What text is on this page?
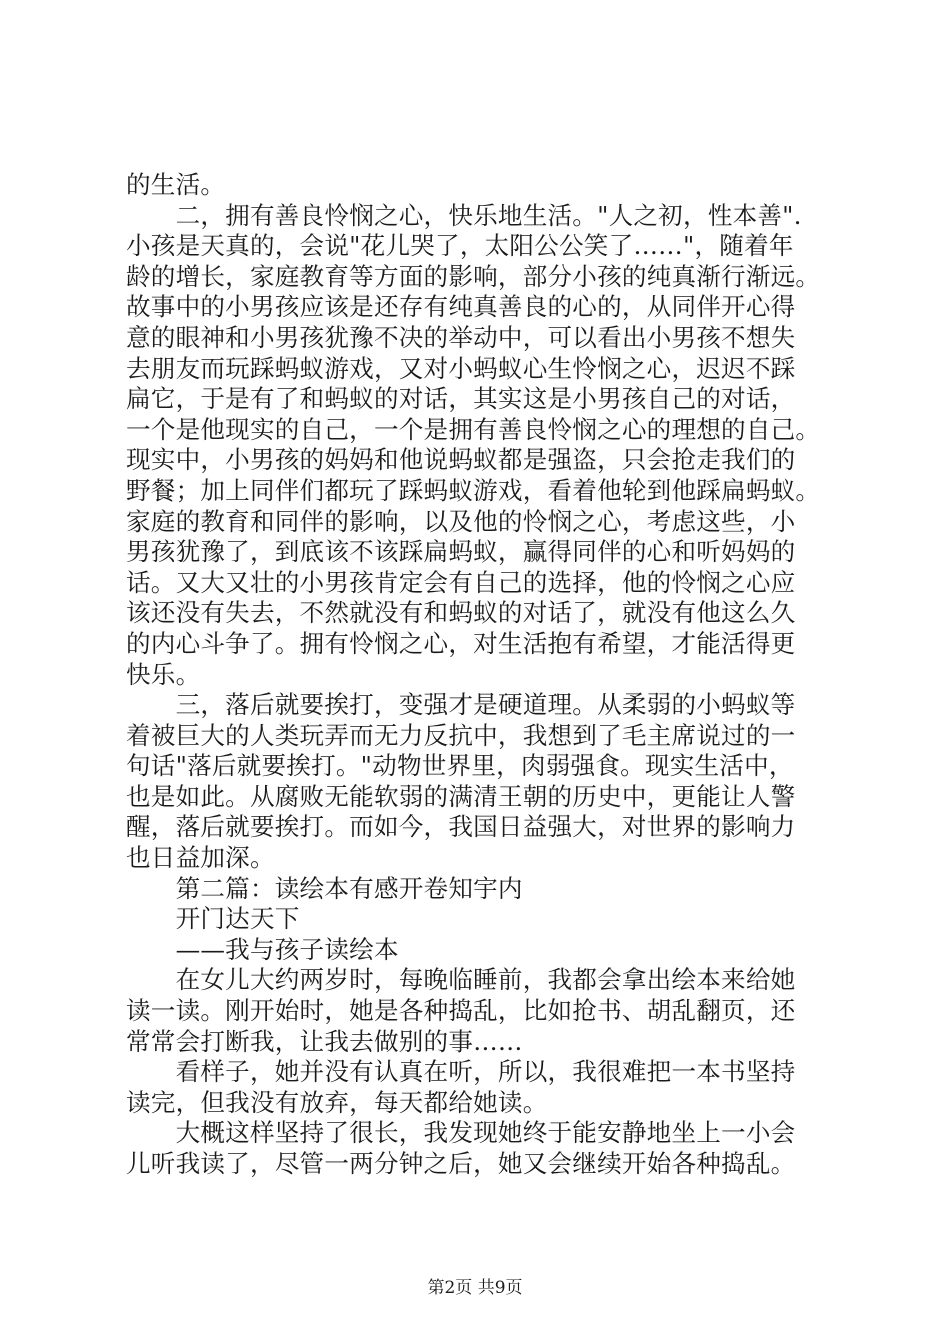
的生活。
　　二，拥有善良怜悯之心，快乐地生活。"人之初，性本善".
小孩是天真的，会说"花儿哭了，太阳公公笑了……"，随着年
龄的增长，家庭教育等方面的影响，部分小孩的纯真渐行渐远。
故事中的小男孩应该是还存有纯真善良的心的，从同伴开心得
意的眼神和小男孩犹豫不决的举动中，可以看出小男孩不想失
去朋友而玩踩蚂蚁游戏，又对小蚂蚁心生怜悯之心，迟迟不踩
扁它，于是有了和蚂蚁的对话，其实这是小男孩自己的对话，
一个是他现实的自己，一个是拥有善良怜悯之心的理想的自己。
现实中，小男孩的妈妈和他说蚂蚁都是强盗，只会抢走我们的
野餐；加上同伴们都玩了踩蚂蚁游戏，看着他轮到他踩扁蚂蚁。
家庭的教育和同伴的影响，以及他的怜悯之心，考虑这些，小
男孩犹豫了，到底该不该踩扁蚂蚁，赢得同伴的心和听妈妈的
话。又大又壮的小男孩肯定会有自己的选择，他的怜悯之心应
该还没有失去，不然就没有和蚂蚁的对话了，就没有他这么久
的内心斗争了。拥有怜悯之心，对生活抱有希望，才能活得更
快乐。
　　三，落后就要挨打，变强才是硬道理。从柔弱的小蚂蚁等
着被巨大的人类玩弄而无力反抗中，我想到了毛主席说过的一
句话"落后就要挨打。"动物世界里，肉弱强食。现实生活中，
也是如此。从腐败无能软弱的满清王朝的历史中，更能让人警
醒，落后就要挨打。而如今，我国日益强大，对世界的影响力
也日益加深。
　　第二篇：读绘本有感开卷知宇内
　　开门达天下
　　——我与孩子读绘本
　　在女儿大约两岁时，每晚临睡前，我都会拿出绘本来给她
读一读。刚开始时，她是各种捣乱，比如抢书、胡乱翻页，还
常常会打断我，让我去做别的事……
　　看样子，她并没有认真在听，所以，我很难把一本书坚持
读完，但我没有放弃，每天都给她读。
　　大概这样坚持了很长，我发现她终于能安静地坐上一小会
儿听我读了，尽管一两分钟之后，她又会继续开始各种捣乱。
第2页 共9页
